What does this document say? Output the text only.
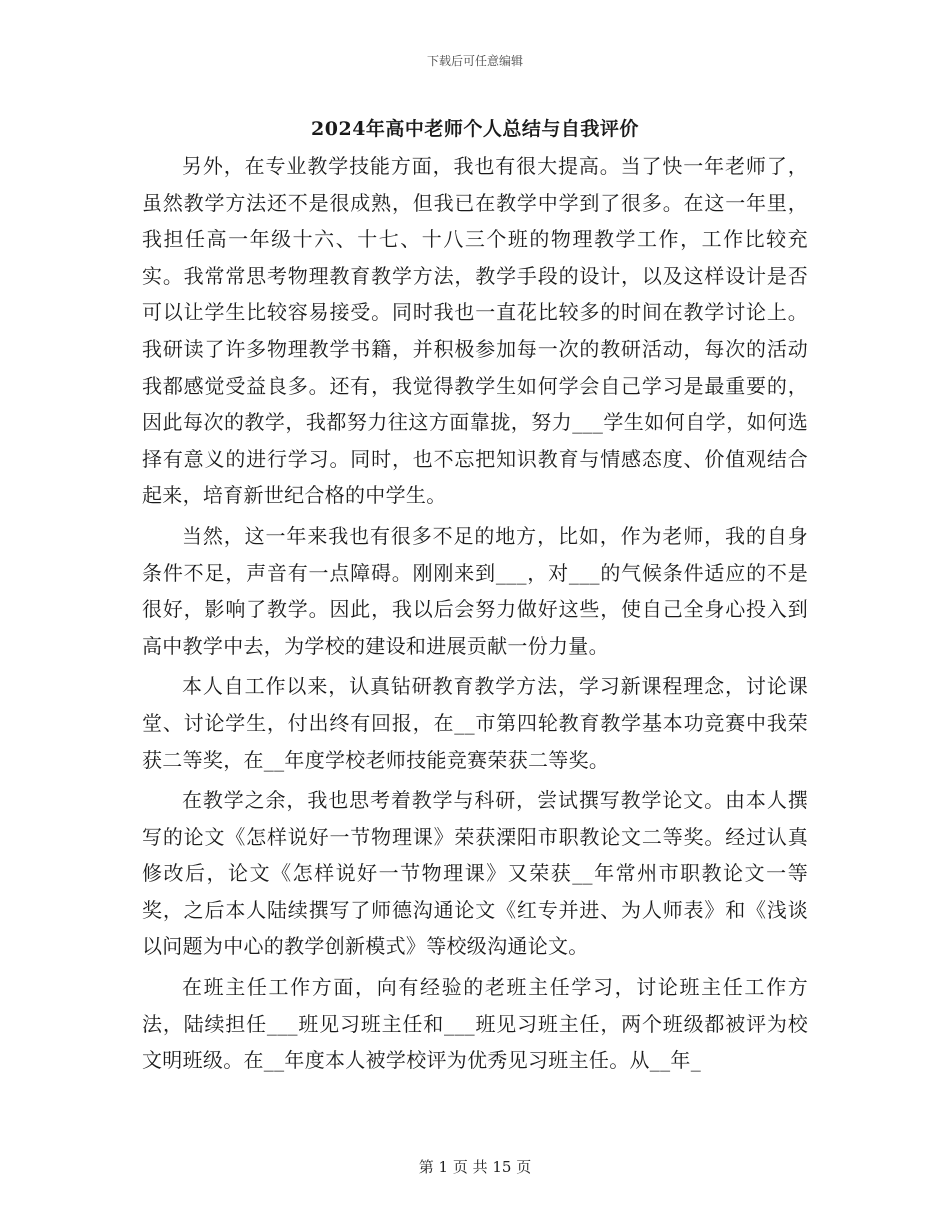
下载后可任意编辑
2024年高中老师个人总结与自我评价

另外，在专业教学技能方面，我也有很大提高。当了快一年老师了，虽然教学方法还不是很成熟，但我已在教学中学到了很多。在这一年里，我担任高一年级十六、十七、十八三个班的物理教学工作，工作比较充实。我常常思考物理教育教学方法，教学手段的设计，以及这样设计是否可以让学生比较容易接受。同时我也一直花比较多的时间在教学讨论上。我研读了许多物理教学书籍，并积极参加每一次的教研活动，每次的活动我都感觉受益良多。还有，我觉得教学生如何学会自己学习是最重要的，因此每次的教学，我都努力往这方面靠拢，努力___学生如何自学，如何选择有意义的进行学习。同时，也不忘把知识教育与情感态度、价值观结合起来，培育新世纪合格的中学生。

当然，这一年来我也有很多不足的地方，比如，作为老师，我的自身条件不足，声音有一点障碍。刚刚来到___，对___的气候条件适应的不是很好，影响了教学。因此，我以后会努力做好这些，使自己全身心投入到高中教学中去，为学校的建设和进展贡献一份力量。

本人自工作以来，认真钻研教育教学方法，学习新课程理念，讨论课堂、讨论学生，付出终有回报，在__市第四轮教育教学基本功竞赛中我荣获二等奖，在__年度学校老师技能竞赛荣获二等奖。

在教学之余，我也思考着教学与科研，尝试撰写教学论文。由本人撰写的论文《怎样说好一节物理课》荣获溧阳市职教论文二等奖。经过认真修改后，论文《怎样说好一节物理课》又荣获__年常州市职教论文一等奖，之后本人陆续撰写了师德沟通论文《红专并进、为人师表》和《浅谈以问题为中心的教学创新模式》等校级沟通论文。

在班主任工作方面，向有经验的老班主任学习，讨论班主任工作方法，陆续担任___班见习班主任和___班见习班主任，两个班级都被评为校文明班级。在__年度本人被学校评为优秀见习班主任。从__年_

第 1 页 共 15 页
